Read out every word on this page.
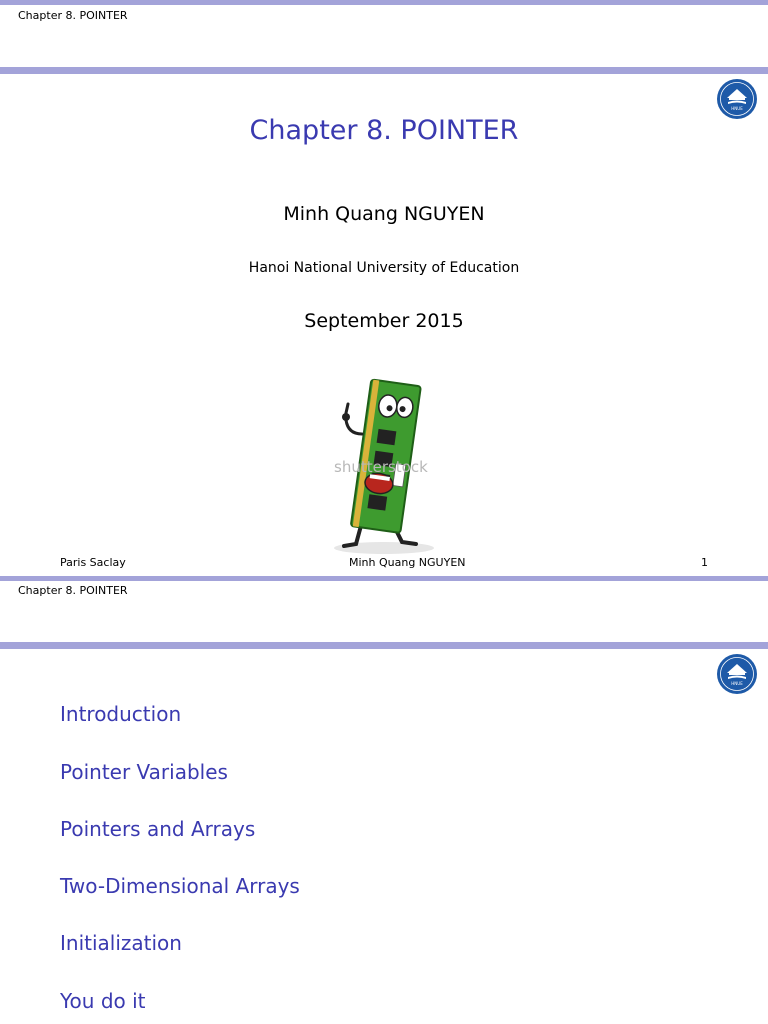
Chapter 8. POINTER
HNUE
Chapter 8. POINTER
Minh Quang NGUYEN
Hanoi National University of Education
September 2015
shutterstock
Paris Saclay	Minh Quang NGUYEN	1
Chapter 8. POINTER
HNUE
Introduction
Pointer Variables
Pointers and Arrays
Two-Dimensional Arrays
Initialization
You do it
